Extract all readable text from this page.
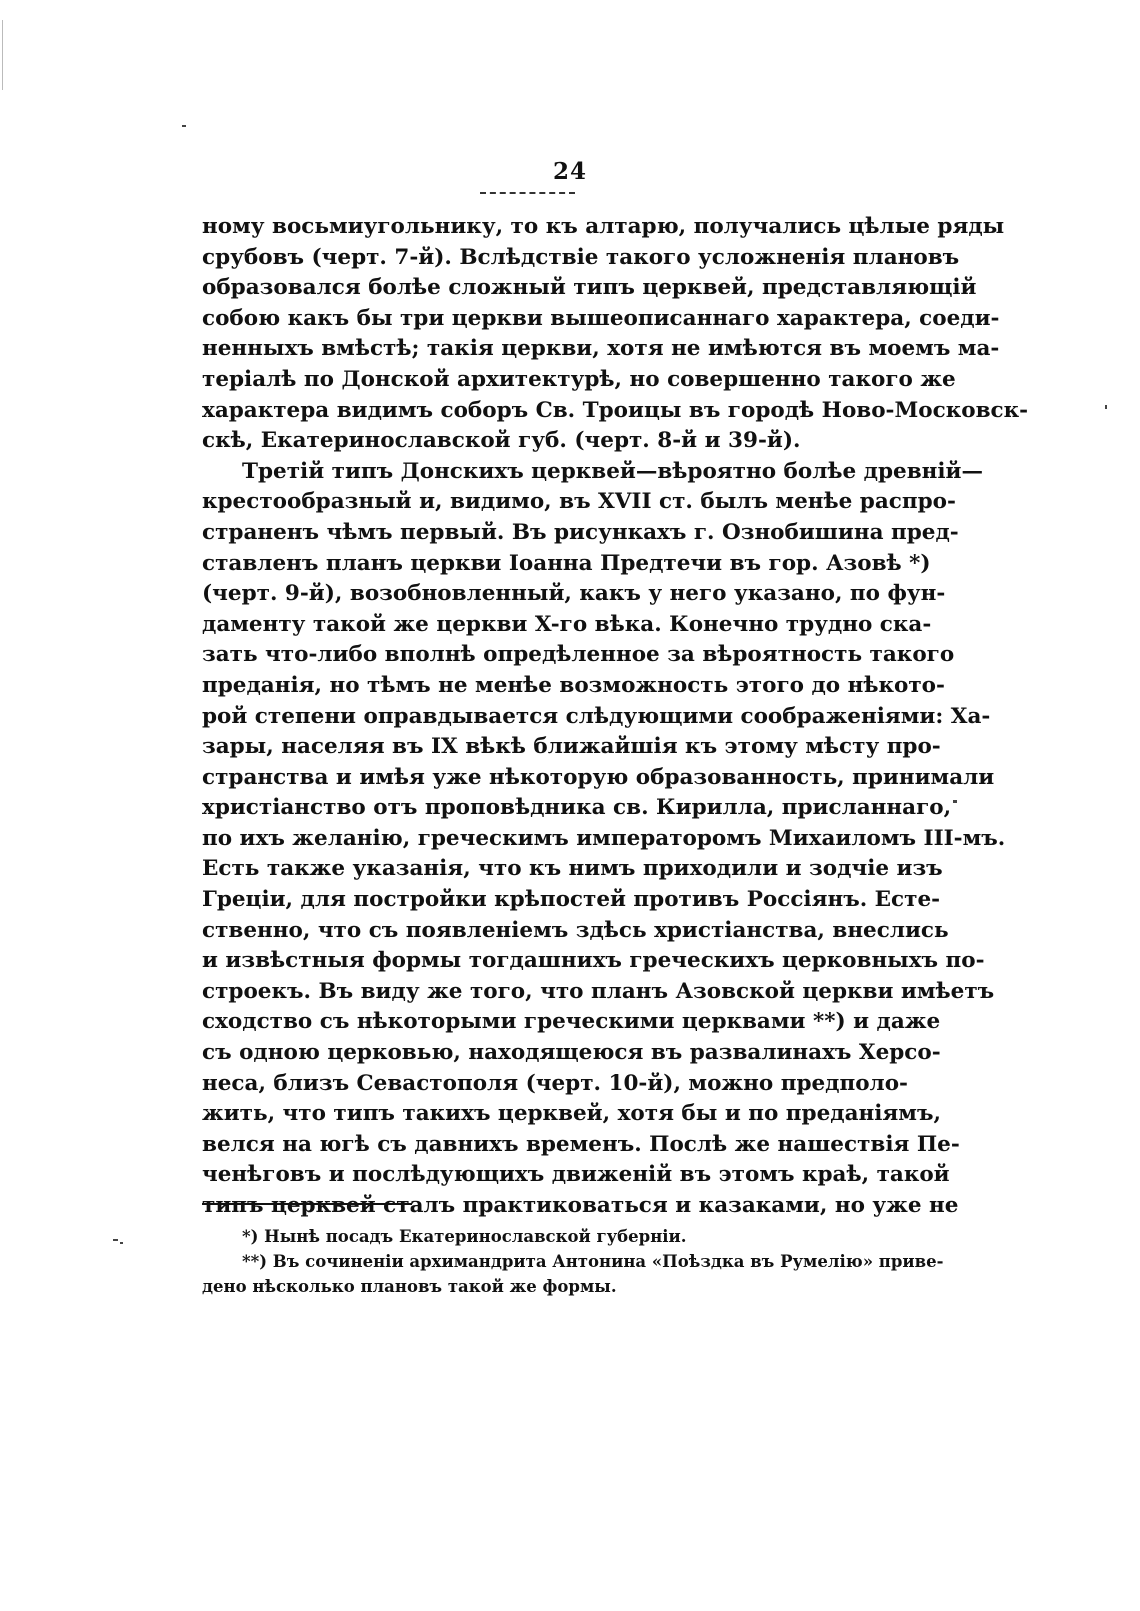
24
ному восьмиугольнику, то къ алтарю, получались цѣлые ряды
срубовъ (черт. 7-й). Вслѣдствіе такого усложненія плановъ
образовался болѣе сложный типъ церквей, представляющій
собою какъ бы три церкви вышеописаннаго характера, соеди-
ненныхъ вмѣстѣ; такія церкви, хотя не имѣются въ моемъ ма-
теріалѣ по Донской архитектурѣ, но совершенно такого же
характера видимъ соборъ Св. Троицы въ городѣ Ново-Московск-
скѣ, Екатеринославской губ. (черт. 8-й и 39-й).
Третій типъ Донскихъ церквей—вѣроятно болѣе древній—
крестообразный и, видимо, въ XVII ст. былъ менѣе распро-
страненъ чѣмъ первый. Въ рисункахъ г. Ознобишина пред-
ставленъ планъ церкви Іоанна Предтечи въ гор. Азовѣ *)
(черт. 9-й), возобновленный, какъ у него указано, по фун-
даменту такой же церкви X-го вѣка. Конечно трудно ска-
зать что-либо вполнѣ опредѣленное за вѣроятность такого
преданія, но тѣмъ не менѣе возможность этого до нѣкото-
рой степени оправдывается слѣдующими соображеніями: Ха-
зары, населяя въ IX вѣкѣ ближайшія къ этому мѣсту про-
странства и имѣя уже нѣкоторую образованность, принимали
христіанство отъ проповѣдника св. Кирилла, присланнаго,
по ихъ желанію, греческимъ императоромъ Михаиломъ III-мъ.
Есть также указанія, что къ нимъ приходили и зодчіе изъ
Греціи, для постройки крѣпостей противъ Россіянъ. Есте-
ственно, что съ появленіемъ здѣсь христіанства, внеслись
и извѣстныя формы тогдашнихъ греческихъ церковныхъ по-
строекъ. Въ виду же того, что планъ Азовской церкви имѣетъ
сходство съ нѣкоторыми греческими церквами **) и даже
съ одною церковью, находящеюся въ развалинахъ Херсо-
неса, близъ Севастополя (черт. 10-й), можно предполо-
жить, что типъ такихъ церквей, хотя бы и по преданіямъ,
велся на югѣ съ давнихъ временъ. Послѣ же нашествія Пе-
ченѣговъ и послѣдующихъ движеній въ этомъ краѣ, такой
типъ церквей сталъ практиковаться и казаками, но уже не
*) Нынѣ посадъ Екатеринославской губерніи.
**) Въ сочиненіи архимандрита Антонина «Поѣздка въ Румелію» приве-
дено нѣсколько плановъ такой же формы.
